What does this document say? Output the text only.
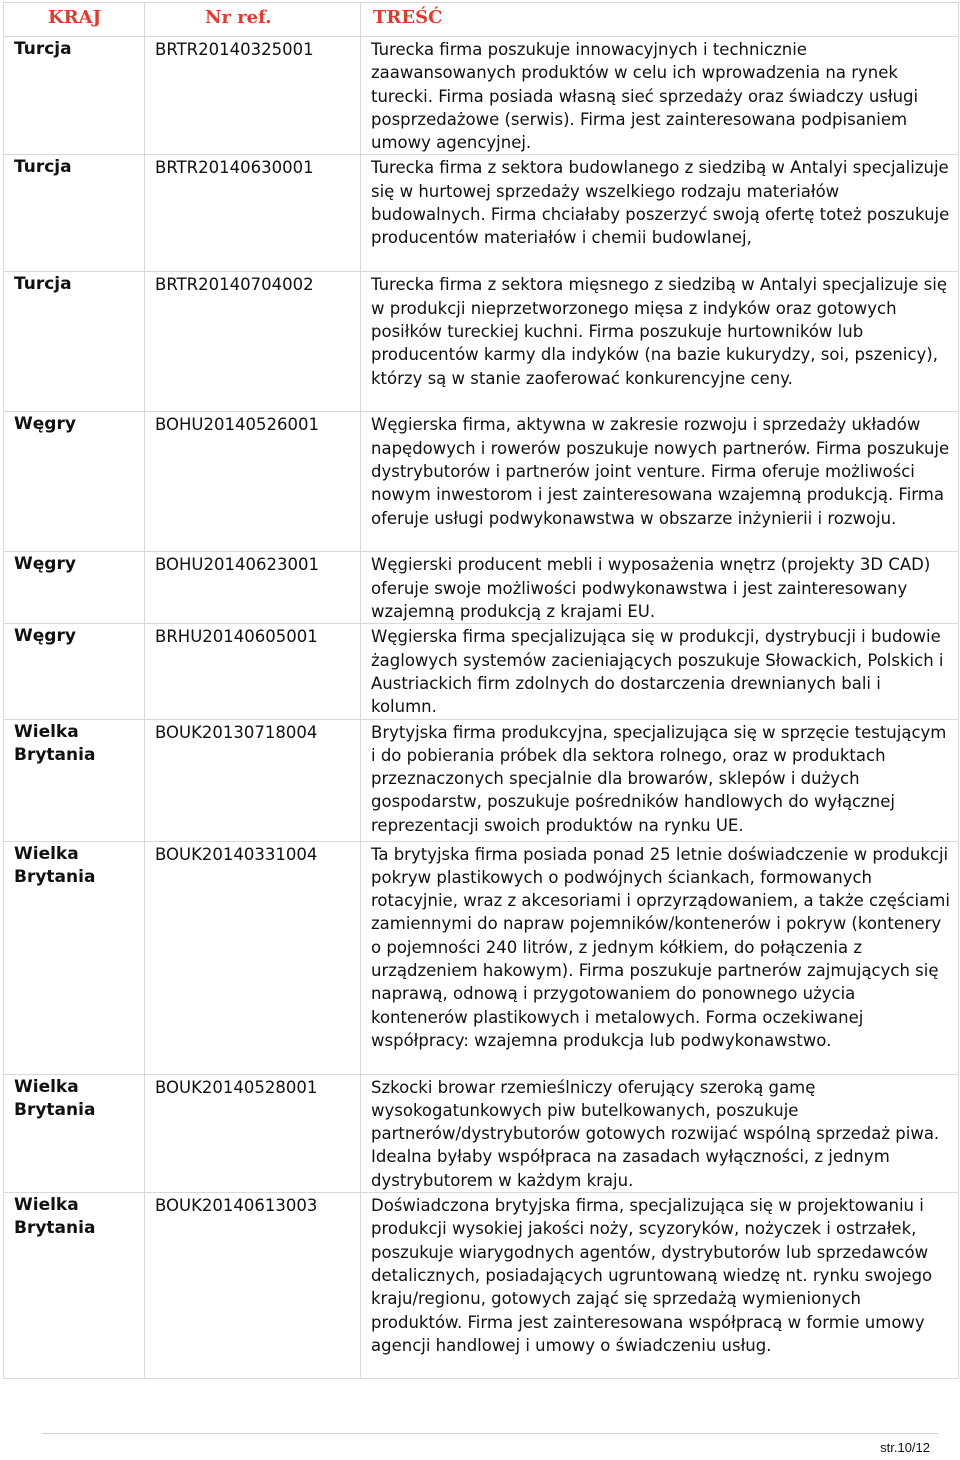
KRAJ	Nr ref.	TREŚĆ
Turcja	BRTR20140325001	Turecka firma poszukuje innowacyjnych i technicznie zaawansowanych produktów w celu ich wprowadzenia na rynek turecki. Firma posiada własną sieć sprzedaży oraz świadczy usługi posprzedażowe (serwis). Firma jest zainteresowana podpisaniem umowy agencyjnej.
Turcja	BRTR20140630001	Turecka firma z sektora budowlanego z siedzibą w Antalyi specjalizuje się w hurtowej sprzedaży wszelkiego rodzaju materiałów budowalnych. Firma chciałaby poszerzyć swoją ofertę toteż poszukuje producentów materiałów i chemii budowlanej,
Turcja	BRTR20140704002	Turecka firma z sektora mięsnego z siedzibą w Antalyi specjalizuje się w produkcji nieprzetworzonego mięsa z indyków oraz gotowych posiłków tureckiej kuchni. Firma poszukuje hurtowników lub producentów karmy dla indyków (na bazie kukurydzy, soi, pszenicy), którzy są w stanie zaoferować konkurencyjne ceny.
Węgry	BOHU20140526001	Węgierska firma, aktywna w zakresie rozwoju i sprzedaży układów napędowych i rowerów poszukuje nowych partnerów. Firma poszukuje dystrybutorów i partnerów joint venture. Firma oferuje możliwości nowym inwestorom i jest zainteresowana wzajemną produkcją. Firma oferuje usługi podwykonawstwa w obszarze inżynierii i rozwoju.
Węgry	BOHU20140623001	Węgierski producent mebli i wyposażenia wnętrz (projekty 3D CAD) oferuje swoje możliwości podwykonawstwa i jest zainteresowany wzajemną produkcją z krajami EU.
Węgry	BRHU20140605001	Węgierska firma specjalizująca się w produkcji, dystrybucji i budowie żaglowych systemów zacieniających poszukuje Słowackich, Polskich i Austriackich firm zdolnych do dostarczenia drewnianych bali i kolumn.
Wielka Brytania	BOUK20130718004	Brytyjska firma produkcyjna, specjalizująca się w sprzęcie testującym i do pobierania próbek dla sektora rolnego, oraz w produktach przeznaczonych specjalnie dla browarów, sklepów i dużych gospodarstw, poszukuje pośredników handlowych do wyłącznej reprezentacji swoich produktów na rynku UE.
Wielka Brytania	BOUK20140331004	Ta brytyjska firma posiada ponad 25 letnie doświadczenie w produkcji pokryw plastikowych o podwójnych ściankach, formowanych rotacyjnie, wraz z akcesoriami i oprzyrządowaniem, a także częściami zamiennymi do napraw pojemników/kontenerów i pokryw (kontenery o pojemności 240 litrów, z jednym kółkiem, do połączenia z urządzeniem hakowym). Firma poszukuje partnerów zajmujących się naprawą, odnową i przygotowaniem do ponownego użycia kontenerów plastikowych i metalowych. Forma oczekiwanej współpracy: wzajemna produkcja lub podwykonawstwo.
Wielka Brytania	BOUK20140528001	Szkocki browar rzemieślniczy oferujący szeroką gamę wysokogatunkowych piw butelkowanych, poszukuje partnerów/dystrybutorów gotowych rozwijać wspólną sprzedaż piwa. Idealna byłaby współpraca na zasadach wyłączności, z jednym dystrybutorem w każdym kraju.
Wielka Brytania	BOUK20140613003	Doświadczona brytyjska firma, specjalizująca się w projektowaniu i produkcji wysokiej jakości noży, scyzoryków, nożyczek i ostrzałek, poszukuje wiarygodnych agentów, dystrybutorów lub sprzedawców detalicznych, posiadających ugruntowaną wiedzę nt. rynku swojego kraju/regionu, gotowych zająć się sprzedażą wymienionych produktów. Firma jest zainteresowana współpracą w formie umowy agencji handlowej i umowy o świadczeniu usług.
str.10/12
